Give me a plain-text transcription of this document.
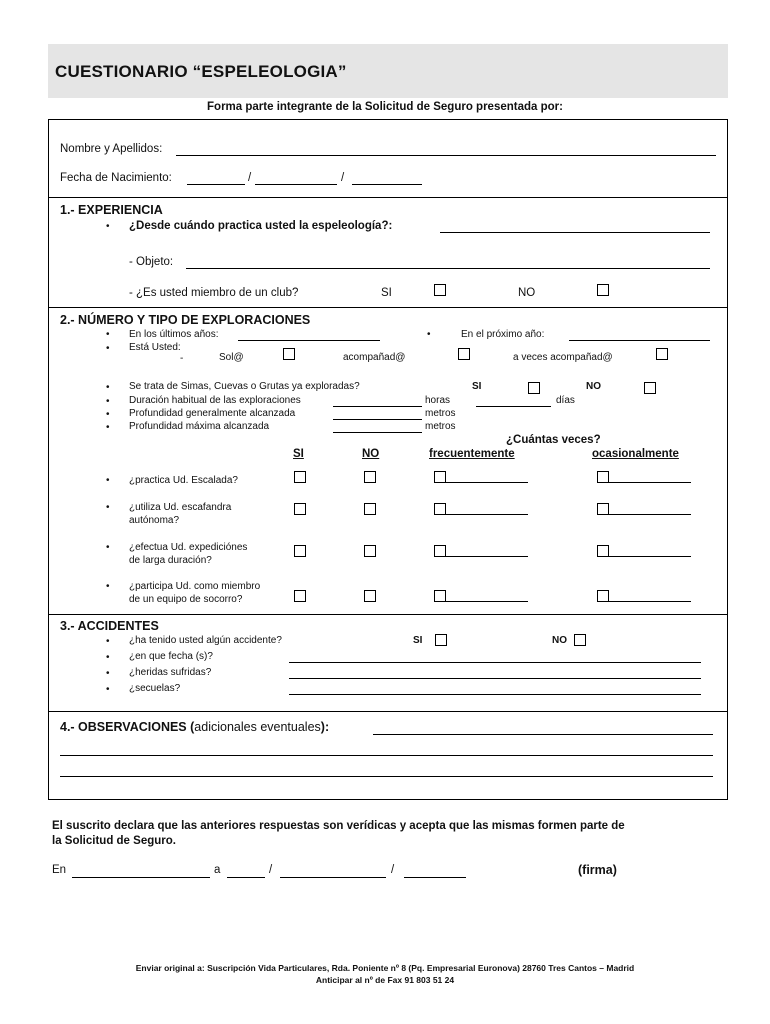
CUESTIONARIO “ESPELEOLOGIA”
Forma parte integrante de la Solicitud de Seguro presentada por:
Nombre y Apellidos:
Fecha de Nacimiento:	/	/
1.- EXPERIENCIA
• ¿Desde cuándo practica usted la espeleología?:
- Objeto:
- ¿Es usted miembro de un club?	SI	NO
2.- NÚMERO Y TIPO DE EXPLORACIONES
• En los últimos años:	•	En el próximo año:
• Está Usted:
-	Sol@	acompañad@	a veces acompañad@
• Se trata de Simas, Cuevas o Grutas ya exploradas?	SI	NO
• Duración habitual de las exploraciones	horas	días
• Profundidad generalmente alcanzada	metros
• Profundidad máxima alcanzada	metros
¿Cuántas veces?
SI	NO	frecuentemente	ocasionalmente
• ¿practica Ud. Escalada?
• ¿utiliza Ud. escafandra
autónoma?
• ¿efectua Ud. expediciónes
de larga duración?
• ¿participa Ud. como miembro
de un equipo de socorro?
3.- ACCIDENTES
• ¿ha tenido usted algún accidente?	SI	NO
• ¿en que fecha (s)?
• ¿heridas sufridas?
• ¿secuelas?
4.- OBSERVACIONES (adicionales eventuales):
El suscrito declara que las anteriores respuestas son verídicas y acepta que las mismas formen parte de
la Solicitud de Seguro.
En	a	/	/	(firma)
Enviar original a: Suscripción Vida Particulares, Rda. Poniente nº 8 (Pq. Empresarial Euronova) 28760 Tres Cantos – Madrid
Anticipar al nº de Fax 91 803 51 24
